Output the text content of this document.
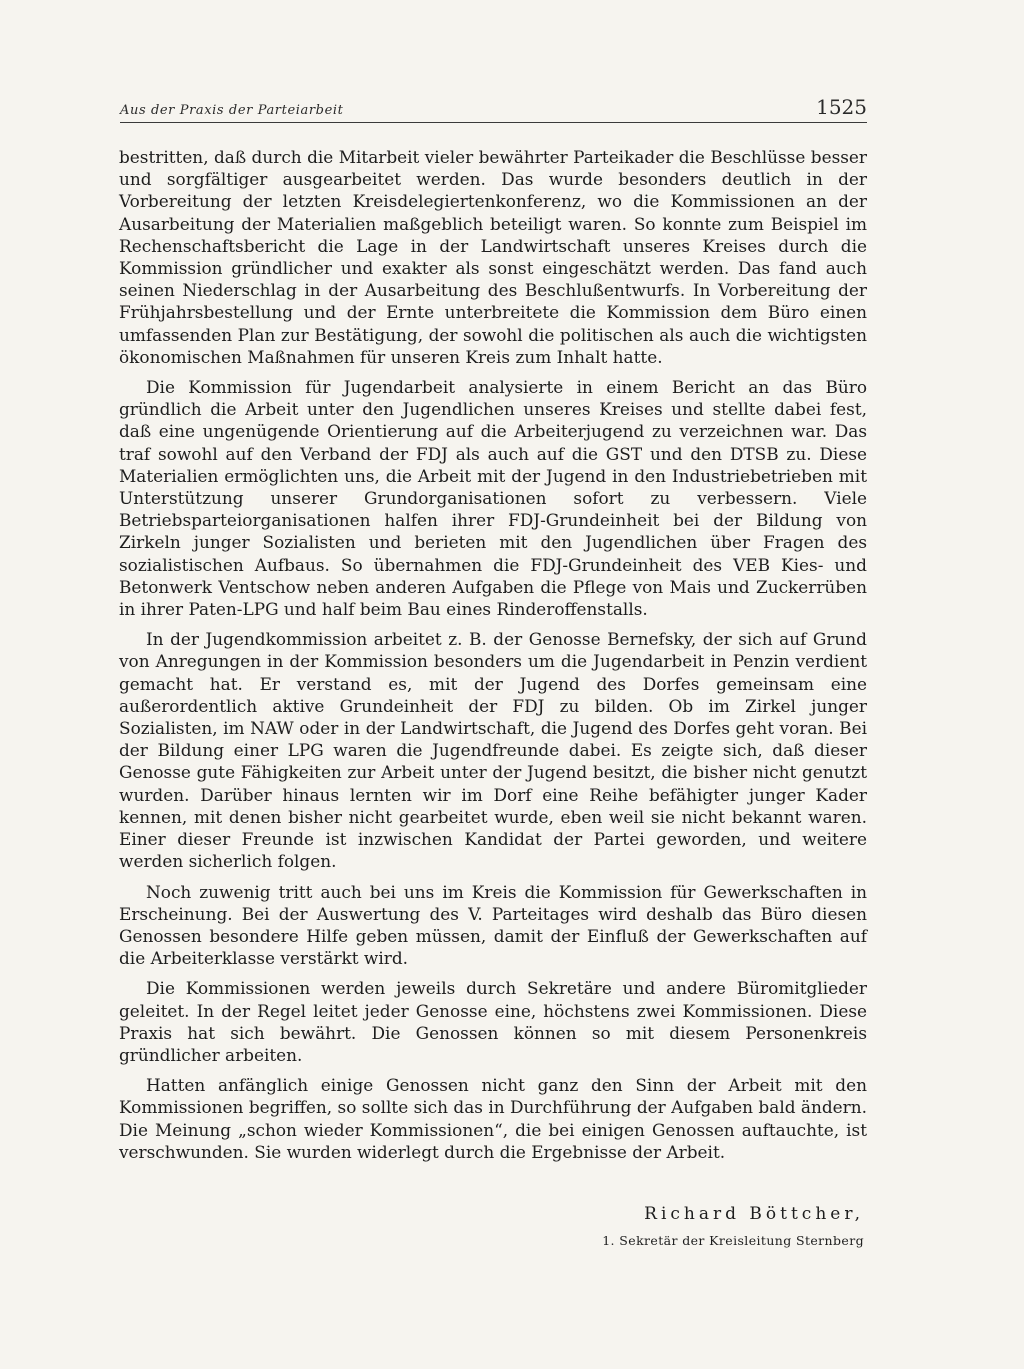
Aus der Praxis der Parteiarbeit	1525

bestritten, daß durch die Mitarbeit vieler bewährter Parteikader die Beschlüsse besser und sorgfältiger ausgearbeitet werden. Das wurde besonders deutlich in der Vorbereitung der letzten Kreisdelegiertenkonferenz, wo die Kommissionen an der Ausarbeitung der Materialien maßgeblich beteiligt waren. So konnte zum Beispiel im Rechenschaftsbericht die Lage in der Landwirtschaft unseres Kreises durch die Kommission gründlicher und exakter als sonst eingeschätzt werden. Das fand auch seinen Niederschlag in der Ausarbeitung des Beschlußentwurfs. In Vorbereitung der Frühjahrsbestellung und der Ernte unterbreitete die Kommission dem Büro einen umfassenden Plan zur Bestätigung, der sowohl die politischen als auch die wichtigsten ökonomischen Maßnahmen für unseren Kreis zum Inhalt hatte.

Die Kommission für Jugendarbeit analysierte in einem Bericht an das Büro gründlich die Arbeit unter den Jugendlichen unseres Kreises und stellte dabei fest, daß eine ungenügende Orientierung auf die Arbeiterjugend zu verzeichnen war. Das traf sowohl auf den Verband der FDJ als auch auf die GST und den DTSB zu. Diese Materialien ermöglichten uns, die Arbeit mit der Jugend in den Industriebetrieben mit Unterstützung unserer Grundorganisationen sofort zu verbessern. Viele Betriebsparteiorganisationen halfen ihrer FDJ-Grundeinheit bei der Bildung von Zirkeln junger Sozialisten und berieten mit den Jugendlichen über Fragen des sozialistischen Aufbaus. So übernahmen die FDJ-Grundeinheit des VEB Kies- und Betonwerk Ventschow neben anderen Aufgaben die Pflege von Mais und Zuckerrüben in ihrer Paten-LPG und half beim Bau eines Rinderoffenstalls.

In der Jugendkommission arbeitet z. B. der Genosse Bernefsky, der sich auf Grund von Anregungen in der Kommission besonders um die Jugendarbeit in Penzin verdient gemacht hat. Er verstand es, mit der Jugend des Dorfes gemeinsam eine außerordentlich aktive Grundeinheit der FDJ zu bilden. Ob im Zirkel junger Sozialisten, im NAW oder in der Landwirtschaft, die Jugend des Dorfes geht voran. Bei der Bildung einer LPG waren die Jugendfreunde dabei. Es zeigte sich, daß dieser Genosse gute Fähigkeiten zur Arbeit unter der Jugend besitzt, die bisher nicht genutzt wurden. Darüber hinaus lernten wir im Dorf eine Reihe befähigter junger Kader kennen, mit denen bisher nicht gearbeitet wurde, eben weil sie nicht bekannt waren. Einer dieser Freunde ist inzwischen Kandidat der Partei geworden, und weitere werden sicherlich folgen.

Noch zuwenig tritt auch bei uns im Kreis die Kommission für Gewerkschaften in Erscheinung. Bei der Auswertung des V. Parteitages wird deshalb das Büro diesen Genossen besondere Hilfe geben müssen, damit der Einfluß der Gewerkschaften auf die Arbeiterklasse verstärkt wird.

Die Kommissionen werden jeweils durch Sekretäre und andere Büromitglieder geleitet. In der Regel leitet jeder Genosse eine, höchstens zwei Kommissionen. Diese Praxis hat sich bewährt. Die Genossen können so mit diesem Personenkreis gründlicher arbeiten.

Hatten anfänglich einige Genossen nicht ganz den Sinn der Arbeit mit den Kommissionen begriffen, so sollte sich das in Durchführung der Aufgaben bald ändern. Die Meinung „schon wieder Kommissionen“, die bei einigen Genossen auftauchte, ist verschwunden. Sie wurden widerlegt durch die Ergebnisse der Arbeit.

Richard Böttcher,
1. Sekretär der Kreisleitung Sternberg
